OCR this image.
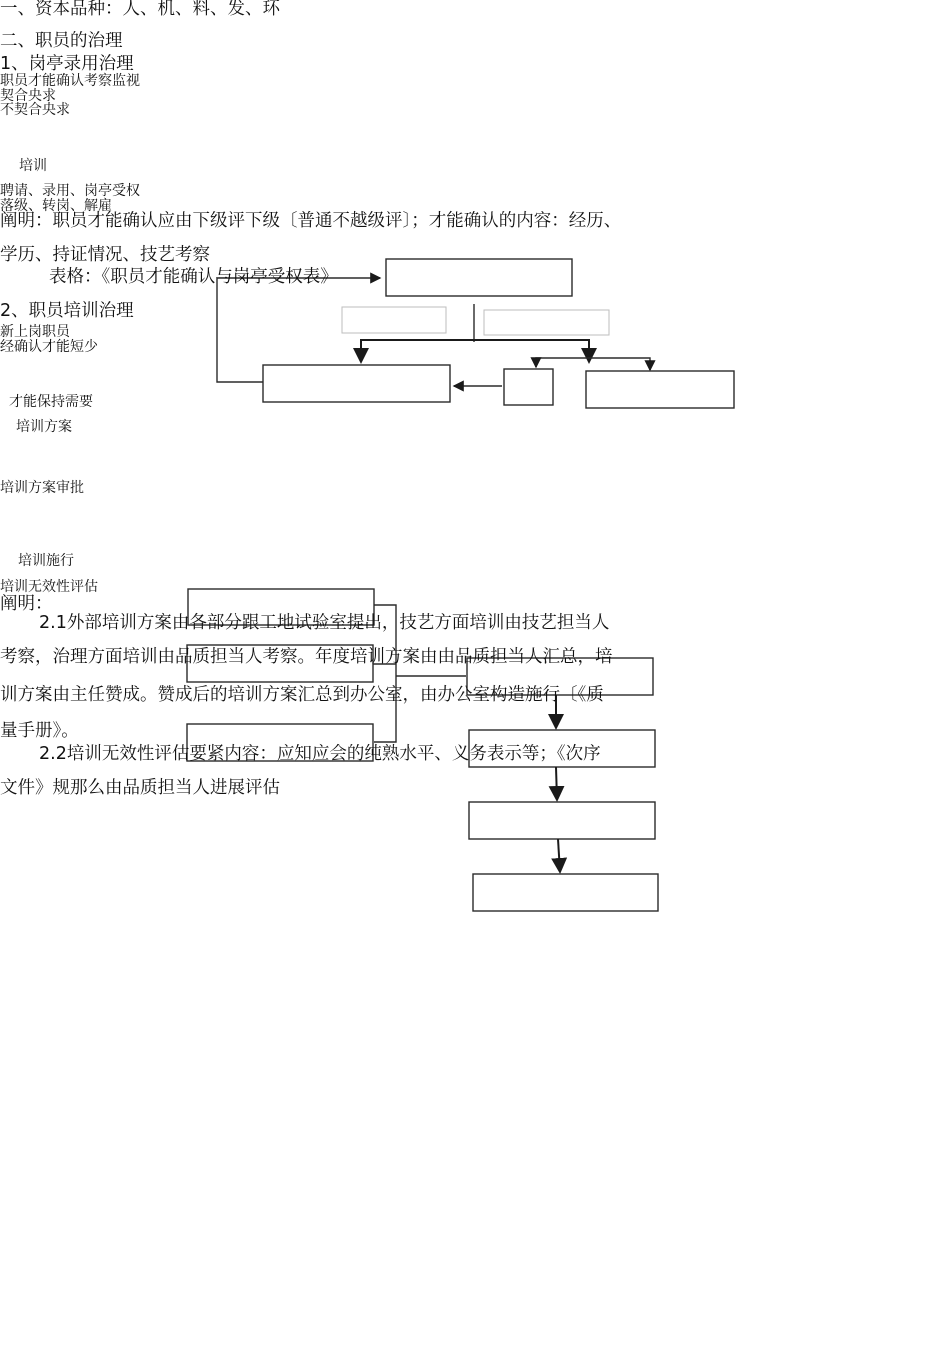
一、资本品种：人、机、料、发、环
二、职员的治理
1、岗亭录用治理
职员才能确认考察监视
契合央求
不契合央求
培训
聘请、录用、岗亭受权
落级、转岗、解雇
阐明：职员才能确认应由下级评下级〔普通不越级评〕；才能确认的内容：经历、
学历、持证情况、技艺考察
表格：《职员才能确认与岗亭受权表》
2、职员培训治理
新上岗职员
经确认才能短少
才能保持需要
培训方案
培训方案审批
培训施行
培训无效性评估
阐明：
2.1外部培训方案由各部分跟工地试验室提出，技艺方面培训由技艺担当人
考察，治理方面培训由品质担当人考察。年度培训方案由由品质担当人汇总，培
训方案由主任赞成。赞成后的培训方案汇总到办公室，由办公室构造施行〔《质
量手册》。
2.2培训无效性评估要紧内容：应知应会的纯熟水平、义务表示等；《次序
文件》规那么由品质担当人进展评估
